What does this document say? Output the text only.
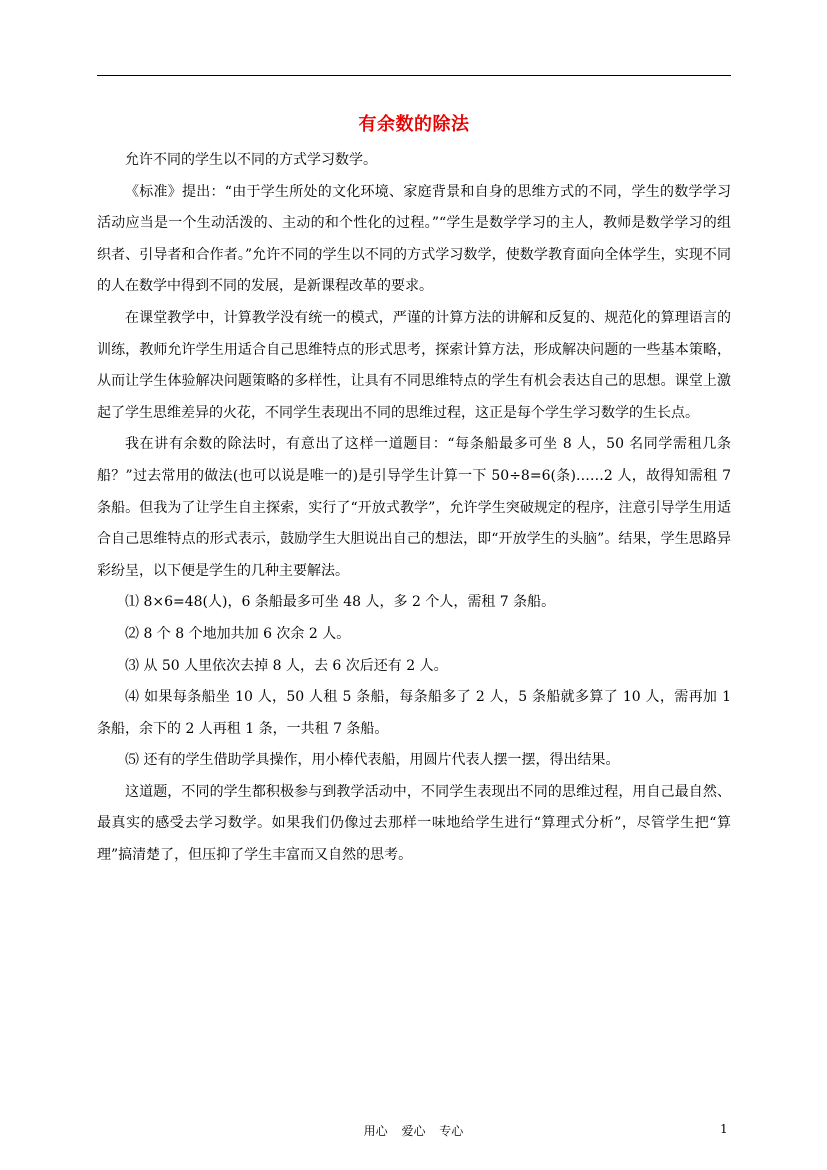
有余数的除法

允许不同的学生以不同的方式学习数学。

《标准》提出：“由于学生所处的文化环境、家庭背景和自身的思维方式的不同，学生的数学学习活动应当是一个生动活泼的、主动的和个性化的过程。”“学生是数学学习的主人，教师是数学学习的组织者、引导者和合作者。”允许不同的学生以不同的方式学习数学，使数学教育面向全体学生，实现不同的人在数学中得到不同的发展，是新课程改革的要求。

在课堂教学中，计算教学没有统一的模式，严谨的计算方法的讲解和反复的、规范化的算理语言的训练，教师允许学生用适合自己思维特点的形式思考，探索计算方法，形成解决问题的一些基本策略，从而让学生体验解决问题策略的多样性，让具有不同思维特点的学生有机会表达自己的思想。课堂上激起了学生思维差异的火花，不同学生表现出不同的思维过程，这正是每个学生学习数学的生长点。

我在讲有余数的除法时，有意出了这样一道题目：“每条船最多可坐 8 人，50 名同学需租几条船？”过去常用的做法(也可以说是唯一的)是引导学生计算一下 50÷8=6(条)……2 人，故得知需租 7 条船。但我为了让学生自主探索，实行了“开放式教学”，允许学生突破规定的程序，注意引导学生用适合自己思维特点的形式表示，鼓励学生大胆说出自己的想法，即“开放学生的头脑”。结果，学生思路异彩纷呈，以下便是学生的几种主要解法。

⑴ 8×6=48(人)，6 条船最多可坐 48 人，多 2 个人，需租 7 条船。

⑵ 8 个 8 个地加共加 6 次余 2 人。

⑶ 从 50 人里依次去掉 8 人，去 6 次后还有 2 人。

⑷ 如果每条船坐 10 人，50 人租 5 条船，每条船多了 2 人，5 条船就多算了 10 人，需再加 1 条船，余下的 2 人再租 1 条，一共租 7 条船。

⑸ 还有的学生借助学具操作，用小棒代表船，用圆片代表人摆一摆，得出结果。

这道题，不同的学生都积极参与到教学活动中，不同学生表现出不同的思维过程，用自己最自然、最真实的感受去学习数学。如果我们仍像过去那样一味地给学生进行“算理式分析”，尽管学生把“算理”搞清楚了，但压抑了学生丰富而又自然的思考。

用心 爱心 专心	1
